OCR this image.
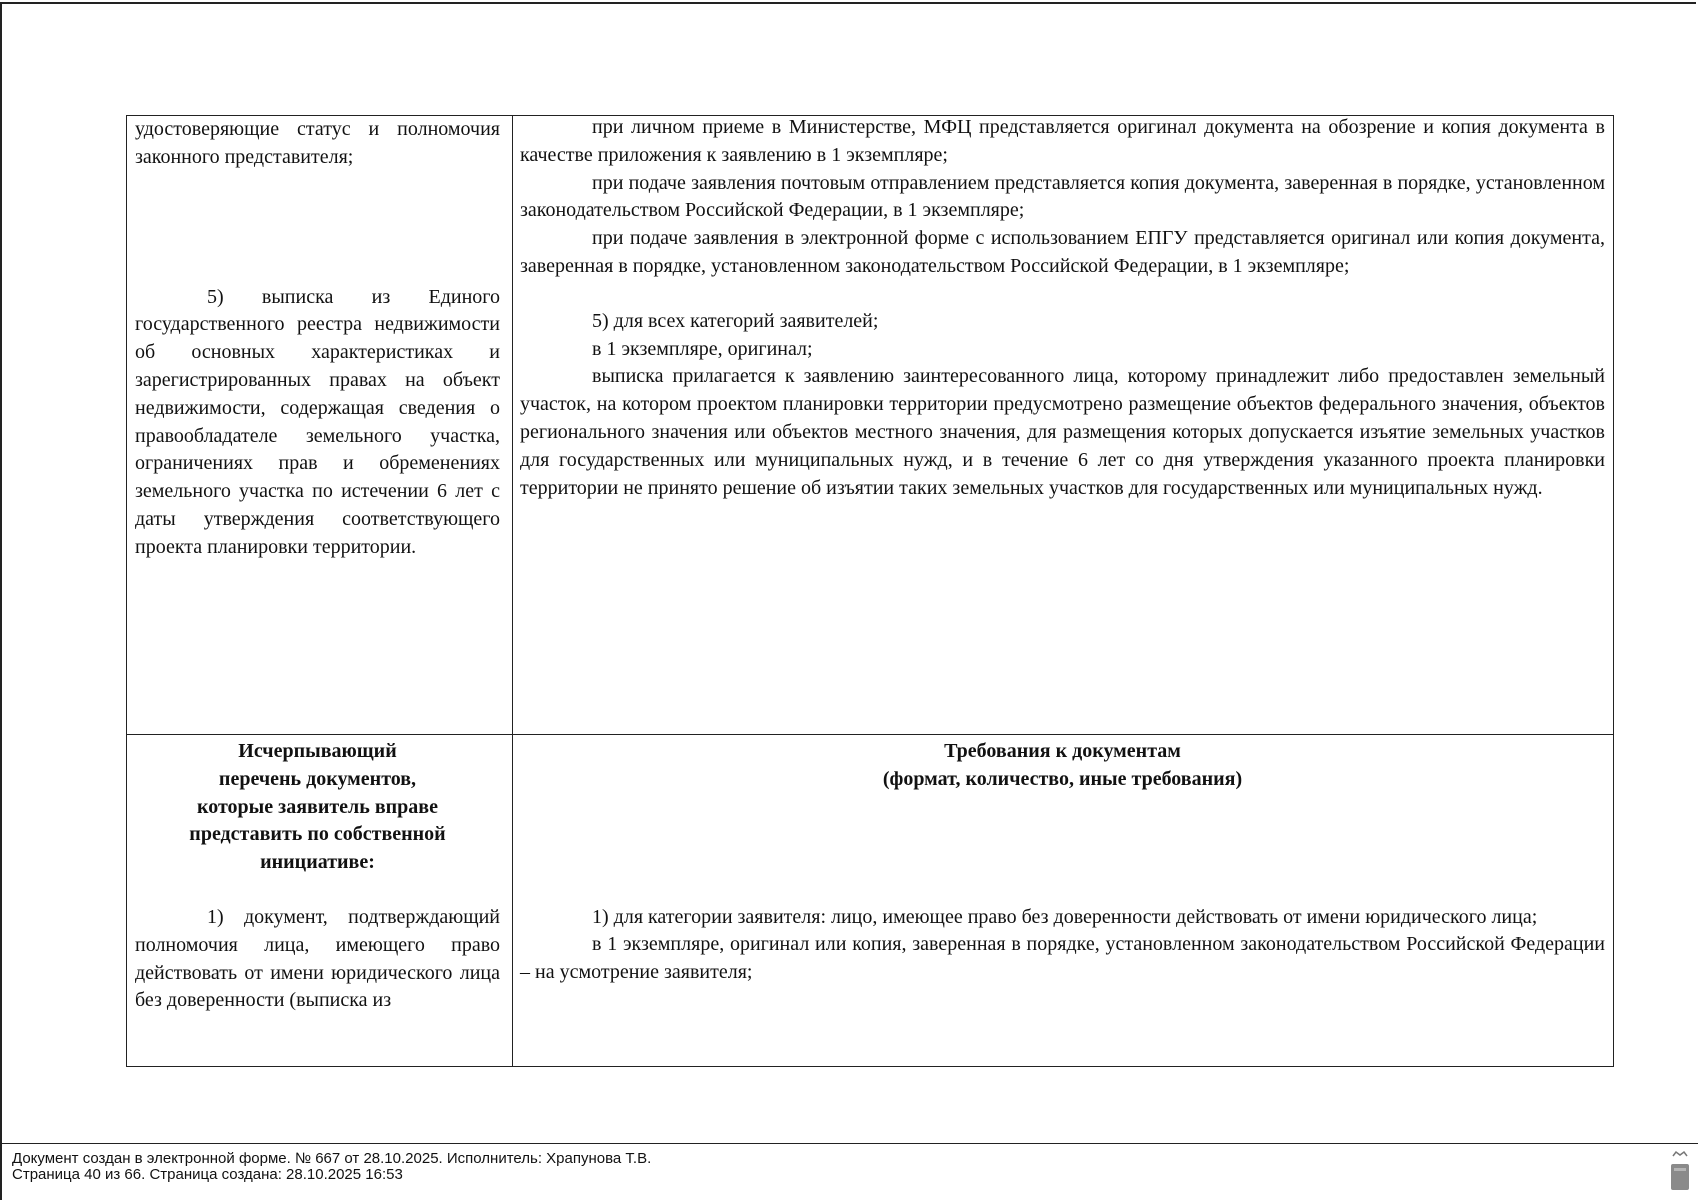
удостоверяющие статус и полномочия законного представителя;

5) выписка из Единого государственного реестра недвижимости об основных характеристиках и зарегистрированных правах на объект недвижимости, содержащая сведения о правообладателе земельного участка, ограничениях прав и обременениях земельного участка по истечении 6 лет с даты утверждения соответствующего проекта планировки территории.

при личном приеме в Министерстве, МФЦ представляется оригинал документа на обозрение и копия документа в качестве приложения к заявлению в 1 экземпляре;

при подаче заявления почтовым отправлением представляется копия документа, заверенная в порядке, установленном законодательством Российской Федерации, в 1 экземпляре;

при подаче заявления в электронной форме с использованием ЕПГУ представляется оригинал или копия документа, заверенная в порядке, установленном законодательством Российской Федерации, в 1 экземпляре;

5) для всех категорий заявителей;

в 1 экземпляре, оригинал;

выписка прилагается к заявлению заинтересованного лица, которому принадлежит либо предоставлен земельный участок, на котором проектом планировки территории предусмотрено размещение объектов федерального значения, объектов регионального значения или объектов местного значения, для размещения которых допускается изъятие земельных участков для государственных или муниципальных нужд, и в течение 6 лет со дня утверждения указанного проекта планировки территории не принято решение об изъятии таких земельных участков для государственных или муниципальных нужд.

Исчерпывающий

перечень документов,

которые заявитель вправе

представить по собственной

инициативе:

1) документ, подтверждающий полномочия лица, имеющего право действовать от имени юридического лица без доверенности (выписка из

Требования к документам

(формат, количество, иные требования)

1) для категории заявителя: лицо, имеющее право без доверенности действовать от имени юридического лица;

в 1 экземпляре, оригинал или копия, заверенная в порядке, установленном законодательством Российской Федерации – на усмотрение заявителя;

Документ создан в электронной форме. № 667 от 28.10.2025. Исполнитель: Храпунова Т.В.
Страница 40 из 66. Страница создана: 28.10.2025 16:53
